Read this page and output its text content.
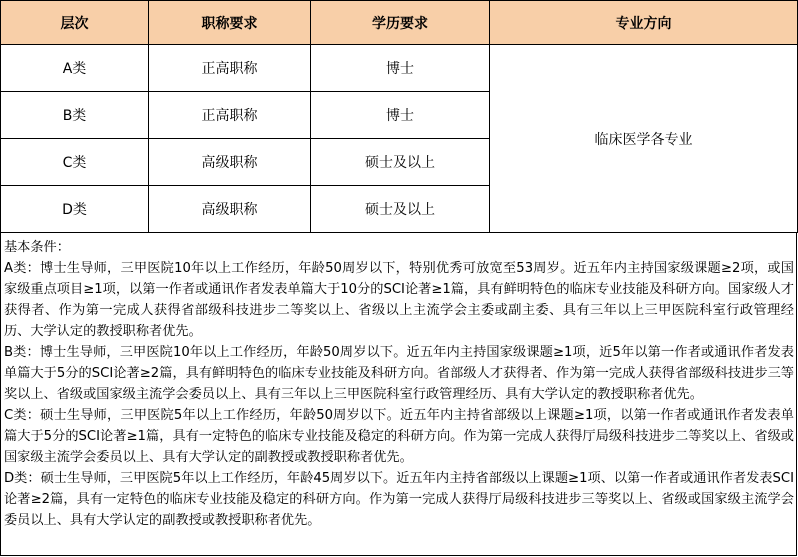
层次	职称要求	学历要求	专业方向
A类	正高职称	博士	临床医学各专业
B类	正高职称	博士	
C类	高级职称	硕士及以上	
D类	高级职称	硕士及以上	

基本条件：

A类：博士生导师，三甲医院10年以上工作经历，年龄50周岁以下，特别优秀可放宽至53周岁。近五年内主持国家级课题≥2项，或国家级重点项目≥1项，以第一作者或通讯作者发表单篇大于10分的SCI论著≥1篇，具有鲜明特色的临床专业技能及科研方向。国家级人才获得者、作为第一完成人获得省部级科技进步二等奖以上、省级以上主流学会主委或副主委、具有三年以上三甲医院科室行政管理经历、大学认定的教授职称者优先。

B类：博士生导师，三甲医院10年以上工作经历，年龄50周岁以下。近五年内主持国家级课题≥1项，近5年以第一作者或通讯作者发表单篇大于5分的SCI论著≥2篇，具有鲜明特色的临床专业技能及科研方向。省部级人才获得者、作为第一完成人获得省部级科技进步三等奖以上、省级或国家级主流学会委员以上、具有三年以上三甲医院科室行政管理经历、具有大学认定的教授职称者优先。

C类：硕士生导师，三甲医院5年以上工作经历，年龄50周岁以下。近五年内主持省部级以上课题≥1项，以第一作者或通讯作者发表单篇大于5分的SCI论著≥1篇，具有一定特色的临床专业技能及稳定的科研方向。作为第一完成人获得厅局级科技进步二等奖以上、省级或国家级主流学会委员以上、具有大学认定的副教授或教授职称者优先。

D类：硕士生导师，三甲医院5年以上工作经历，年龄45周岁以下。近五年内主持省部级以上课题≥1项、以第一作者或通讯作者发表SCI论著≥2篇，具有一定特色的临床专业技能及稳定的科研方向。作为第一完成人获得厅局级科技进步三等奖以上、省级或国家级主流学会委员以上、具有大学认定的副教授或教授职称者优先。
